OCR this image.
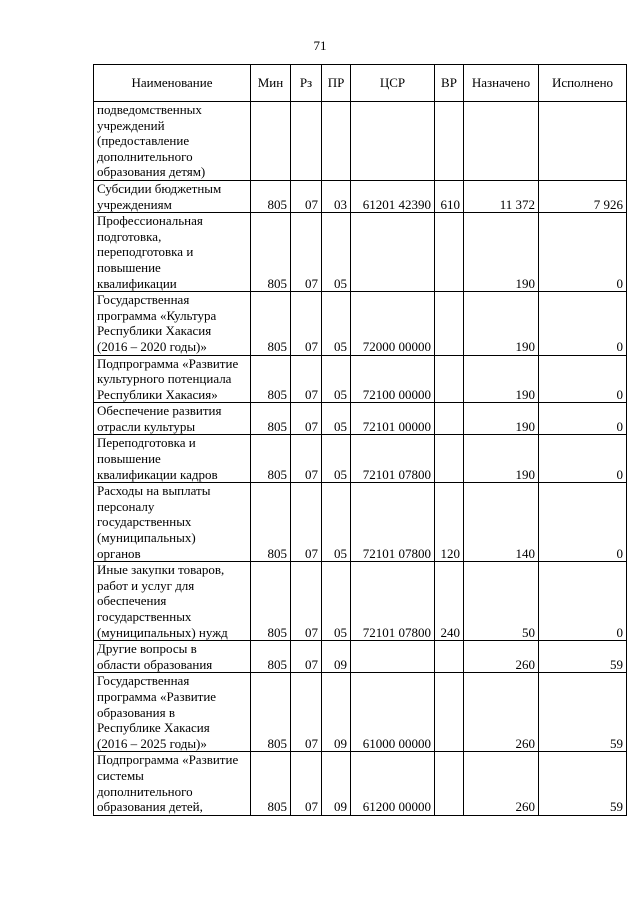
71
Наименование	Мин	Рз	ПР	ЦСР	ВР	Назначено	Исполнено
подведомственных
учреждений
(предоставление
дополнительного
образования детям)							
Субсидии бюджетным
учреждениям	805	07	03	61201 42390	610	11 372	7 926
Профессиональная
подготовка,
переподготовка и
повышение
квалификации	805	07	05			190	0
Государственная
программа «Культура
Республики Хакасия
(2016 – 2020 годы)»	805	07	05	72000 00000		190	0
Подпрограмма «Развитие
культурного потенциала
Республики Хакасия»	805	07	05	72100 00000		190	0
Обеспечение развития
отрасли культуры	805	07	05	72101 00000		190	0
Переподготовка и
повышение
квалификации кадров	805	07	05	72101 07800		190	0
Расходы на выплаты
персоналу
государственных
(муниципальных)
органов	805	07	05	72101 07800	120	140	0
Иные закупки товаров,
работ и услуг для
обеспечения
государственных
(муниципальных) нужд	805	07	05	72101 07800	240	50	0
Другие вопросы в
области образования	805	07	09			260	59
Государственная
программа «Развитие
образования в
Республике Хакасия
(2016 – 2025 годы)»	805	07	09	61000 00000		260	59
Подпрограмма «Развитие
системы
дополнительного
образования детей,	805	07	09	61200 00000		260	59
